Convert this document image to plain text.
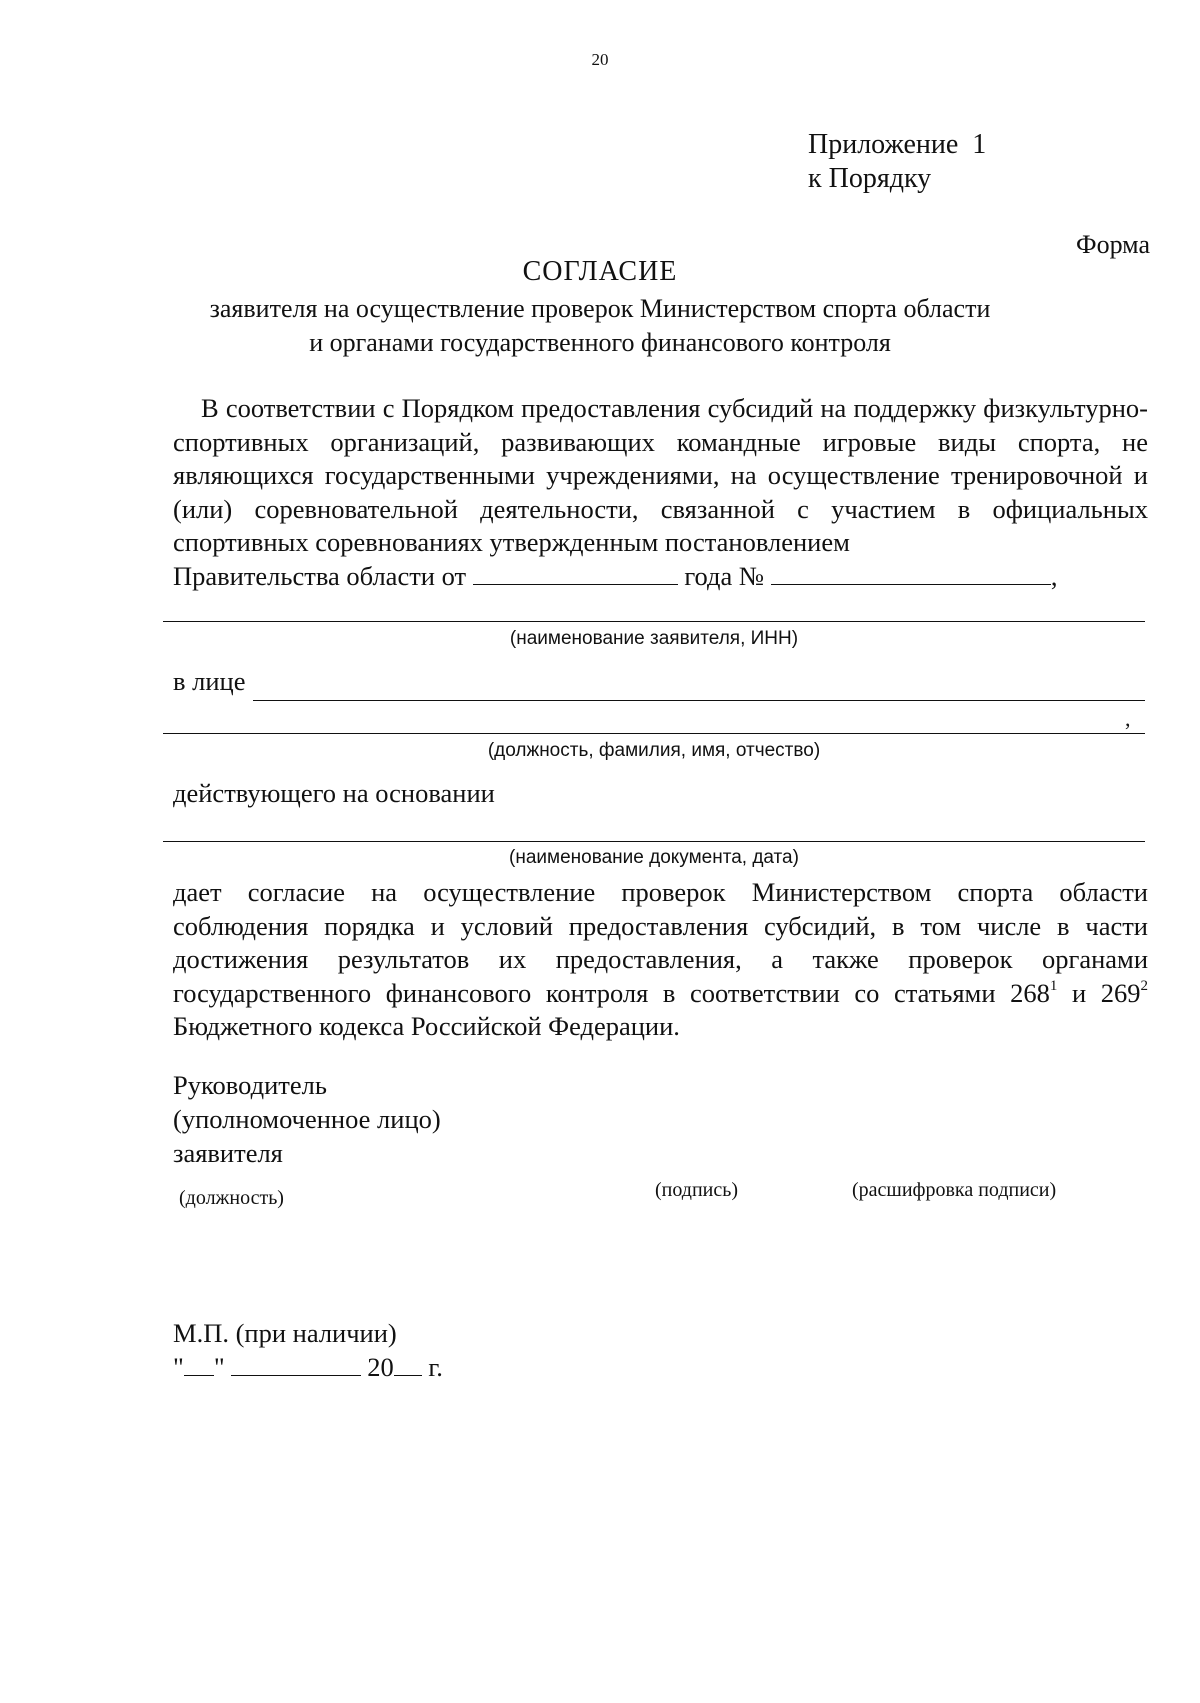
20
Приложение  1
к Порядку
Форма
СОГЛАСИЕ
заявителя на осуществление проверок Министерством спорта области
и органами государственного финансового контроля
В соответствии с Порядком предоставления субсидий на поддержку физкультурно-спортивных организаций, развивающих командные игровые виды спорта, не являющихся государственными учреждениями, на осуществление тренировочной и (или) соревновательной деятельности, связанной с участием в официальных спортивных соревнованиях утвержденным постановлением
Правительства области от	года №	,
(наименование заявителя, ИНН)
в лице
,
(должность, фамилия, имя, отчество)
действующего на основании
(наименование документа, дата)
дает согласие на осуществление проверок Министерством спорта области соблюдения порядка и условий предоставления субсидий, в том числе в части достижения результатов их предоставления, а также проверок органами государственного финансового контроля в соответствии со статьями $268^1$ и $269^2$ Бюджетного кодекса Российской Федерации.
Руководитель
(уполномоченное лицо)
заявителя
(должность)	(подпись)	(расшифровка подписи)
М.П. (при наличии)
" "	20 г.
